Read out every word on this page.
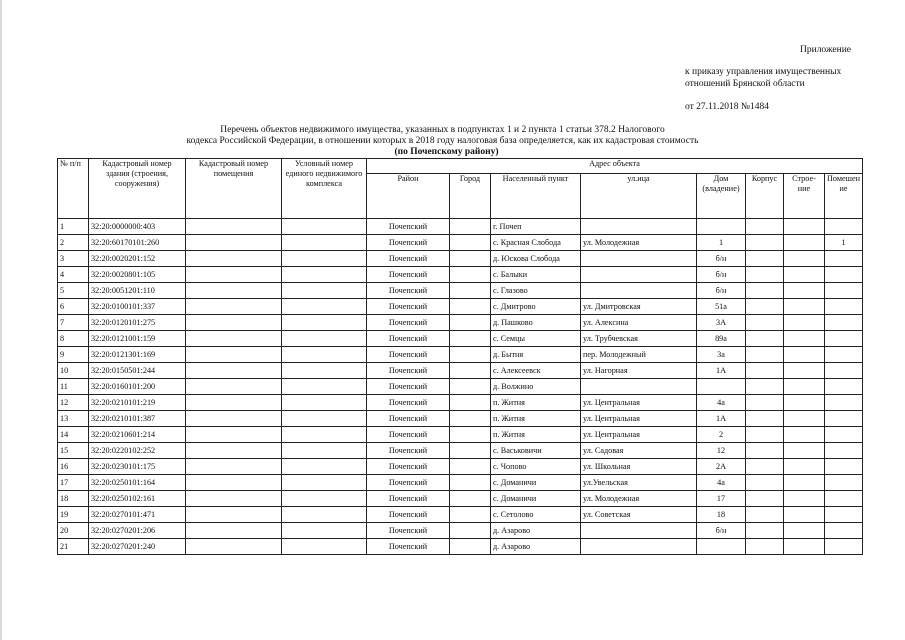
Приложение
к приказу управления имущественных
отношений Брянской области
от 27.11.2018 №1484
Перечень объектов недвижимого имущества, указанных в подпунктах 1 и 2 пункта 1 статьи 378.2 Налогового
кодекса Российской Федерации, в отношении которых в 2018 году налоговая база определяется, как их кадастровая стоимость
(по Почепскому району)
№ п/п	Кадастровый номер здания (строения, сооружения)	Кадастровый номер помещения	Условный номер единого недвижимого комплекса	Адрес объекта							
				Район	Город	Населенный пункт	ул.ица	Дом (владение)	Корпус	Строе-ние	Помешен ие
1	32:20:0000000:403			Почепский		г. Почеп					
2	32:20:60170101:260			Почепский		с. Красная Слобода	ул. Молодежная	1			1
3	32:20:0020201:152			Почепский		д. Юскова Слобода		б/н			
4	32:20:0020801:105			Почепский		с. Балыки		б/н			
5	32:20:0051201:110			Почепский		с. Глазово		б/н			
6	32:20:0100101:337			Почепский		с. Дмитрово	ул. Дмитровская	51а			
7	32:20:0120101:275			Почепский		д. Пашково	ул. Алексина	3А			
8	32:20:0121001:159			Почепский		с. Семцы	ул. Трубчевская	89а			
9	32:20:0121301:169			Почепский		д. Бытня	пер. Молодежный	3а			
10	32:20:0150501:244			Почепский		с. Алексеевск	ул. Нагорная	1А			
11	32:20:0160101:200			Почепский		д. Волжино					
12	32:20:0210101:219			Почепский		п. Житня	ул. Центральная	4а			
13	32:20:0210101:387			Почепский		п. Житня	ул. Центральная	1А			
14	32:20:0210601:214			Почепский		п. Житня	ул. Центральная	2			
15	32:20:0220102:252			Почепский		с. Васьковичи	ул. Садовая	12			
16	32:20:0230101:175			Почепский		с. Чопово	ул. Школьная	2А			
17	32:20:0250101:164			Почепский		с. Доманичи	ул.Увельская	4а			
18	32:20:0250102:161			Почепский		с. Доманичи	ул. Молодежная	17			
19	32:20:0270101:471			Почепский		с. Сетолово	ул. Советская	18			
20	32:20:0270201:206			Почепский		д. Азарово		б/н			
21	32:20:0270201:240			Почепский		д. Азарово					
